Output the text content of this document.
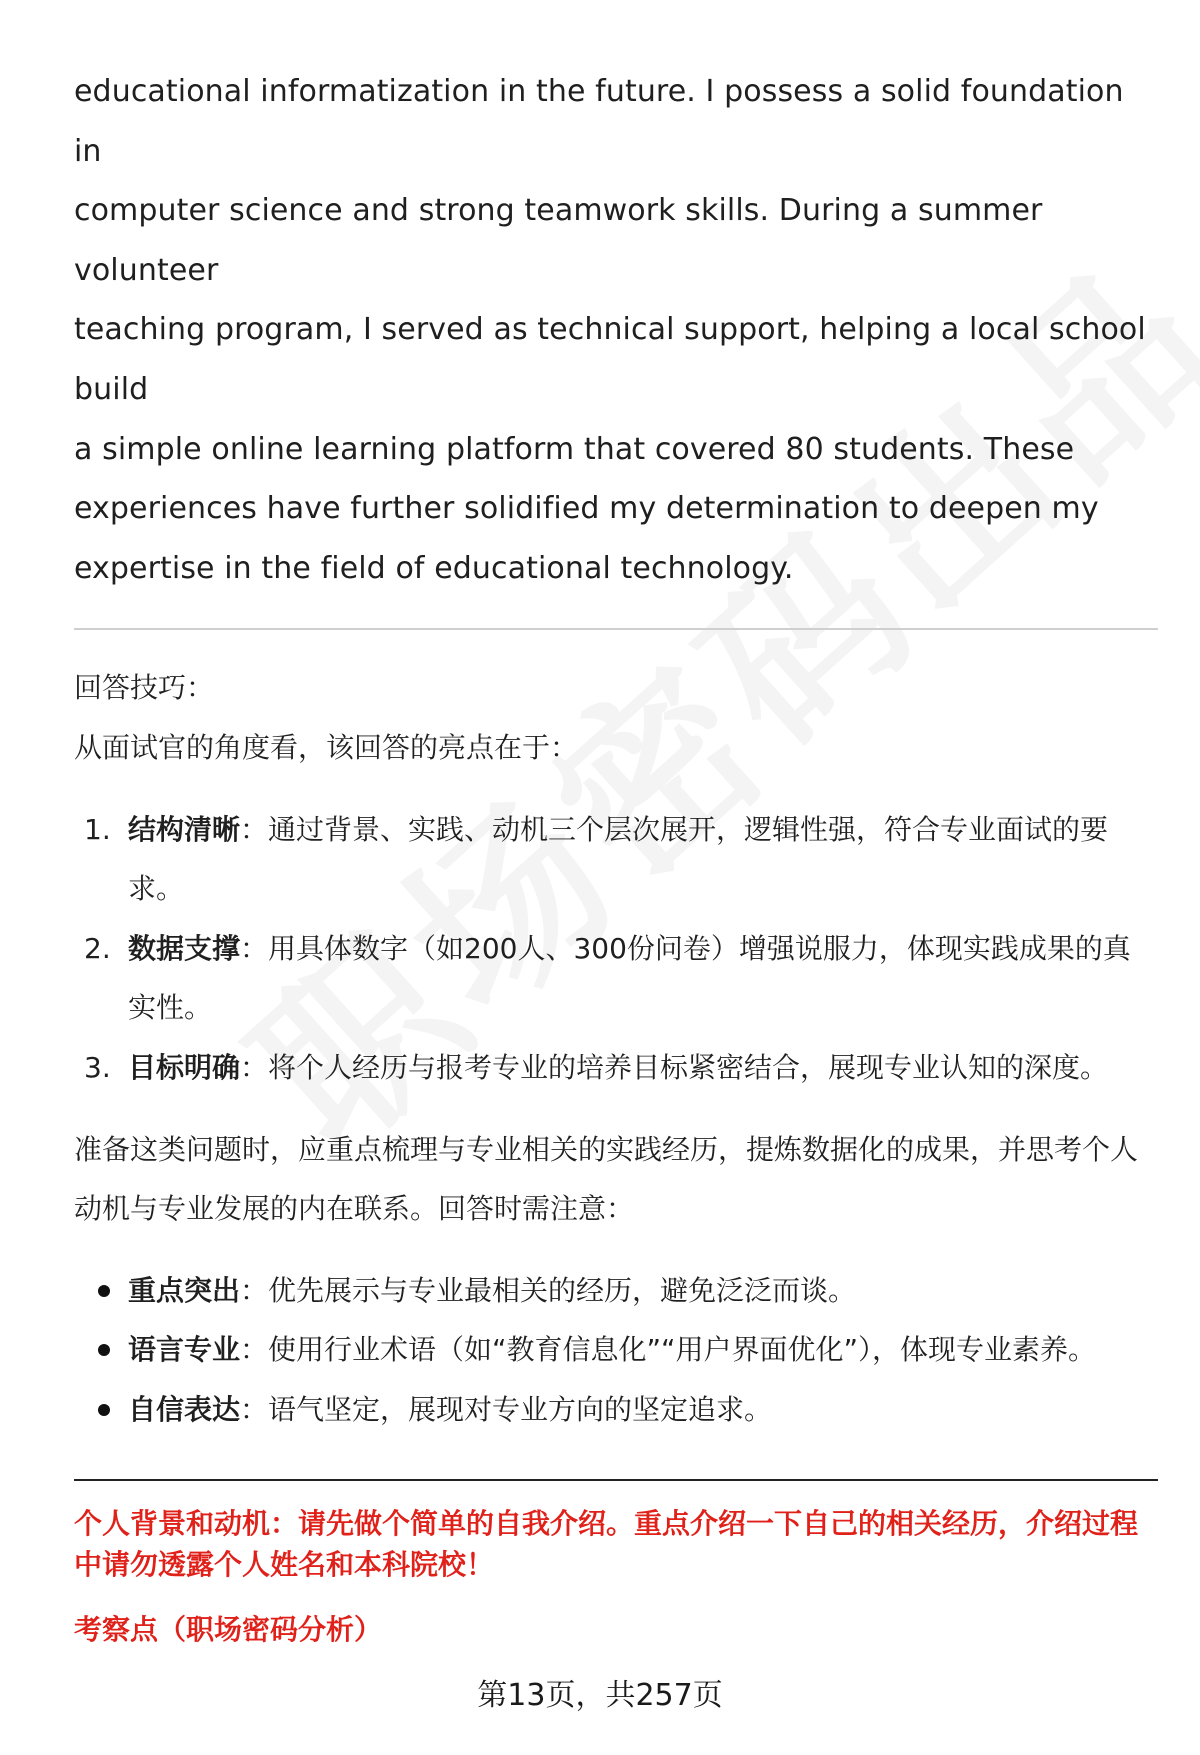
educational informatization in the future. I possess a solid foundation in

computer science and strong teamwork skills. During a summer volunteer

teaching program, I served as technical support, helping a local school build

a simple online learning platform that covered 80 students. These

experiences have further solidified my determination to deepen my

expertise in the field of educational technology.

回答技巧：

从面试官的角度看，该回答的亮点在于：

1. 结构清晰：通过背景、实践、动机三个层次展开，逻辑性强，符合专业面试的要求。
2. 数据支撑：用具体数字（如200人、300份问卷）增强说服力，体现实践成果的真实性。
3. 目标明确：将个人经历与报考专业的培养目标紧密结合，展现专业认知的深度。

准备这类问题时，应重点梳理与专业相关的实践经历，提炼数据化的成果，并思考个人动机与专业发展的内在联系。回答时需注意：

重点突出：优先展示与专业最相关的经历，避免泛泛而谈。
语言专业：使用行业术语（如“教育信息化”“用户界面优化”），体现专业素养。
自信表达：语气坚定，展现对专业方向的坚定追求。

个人背景和动机：请先做个简单的自我介绍。重点介绍一下自己的相关经历，介绍过程中请勿透露个人姓名和本科院校！

考察点（职场密码分析）

第13页，共257页
